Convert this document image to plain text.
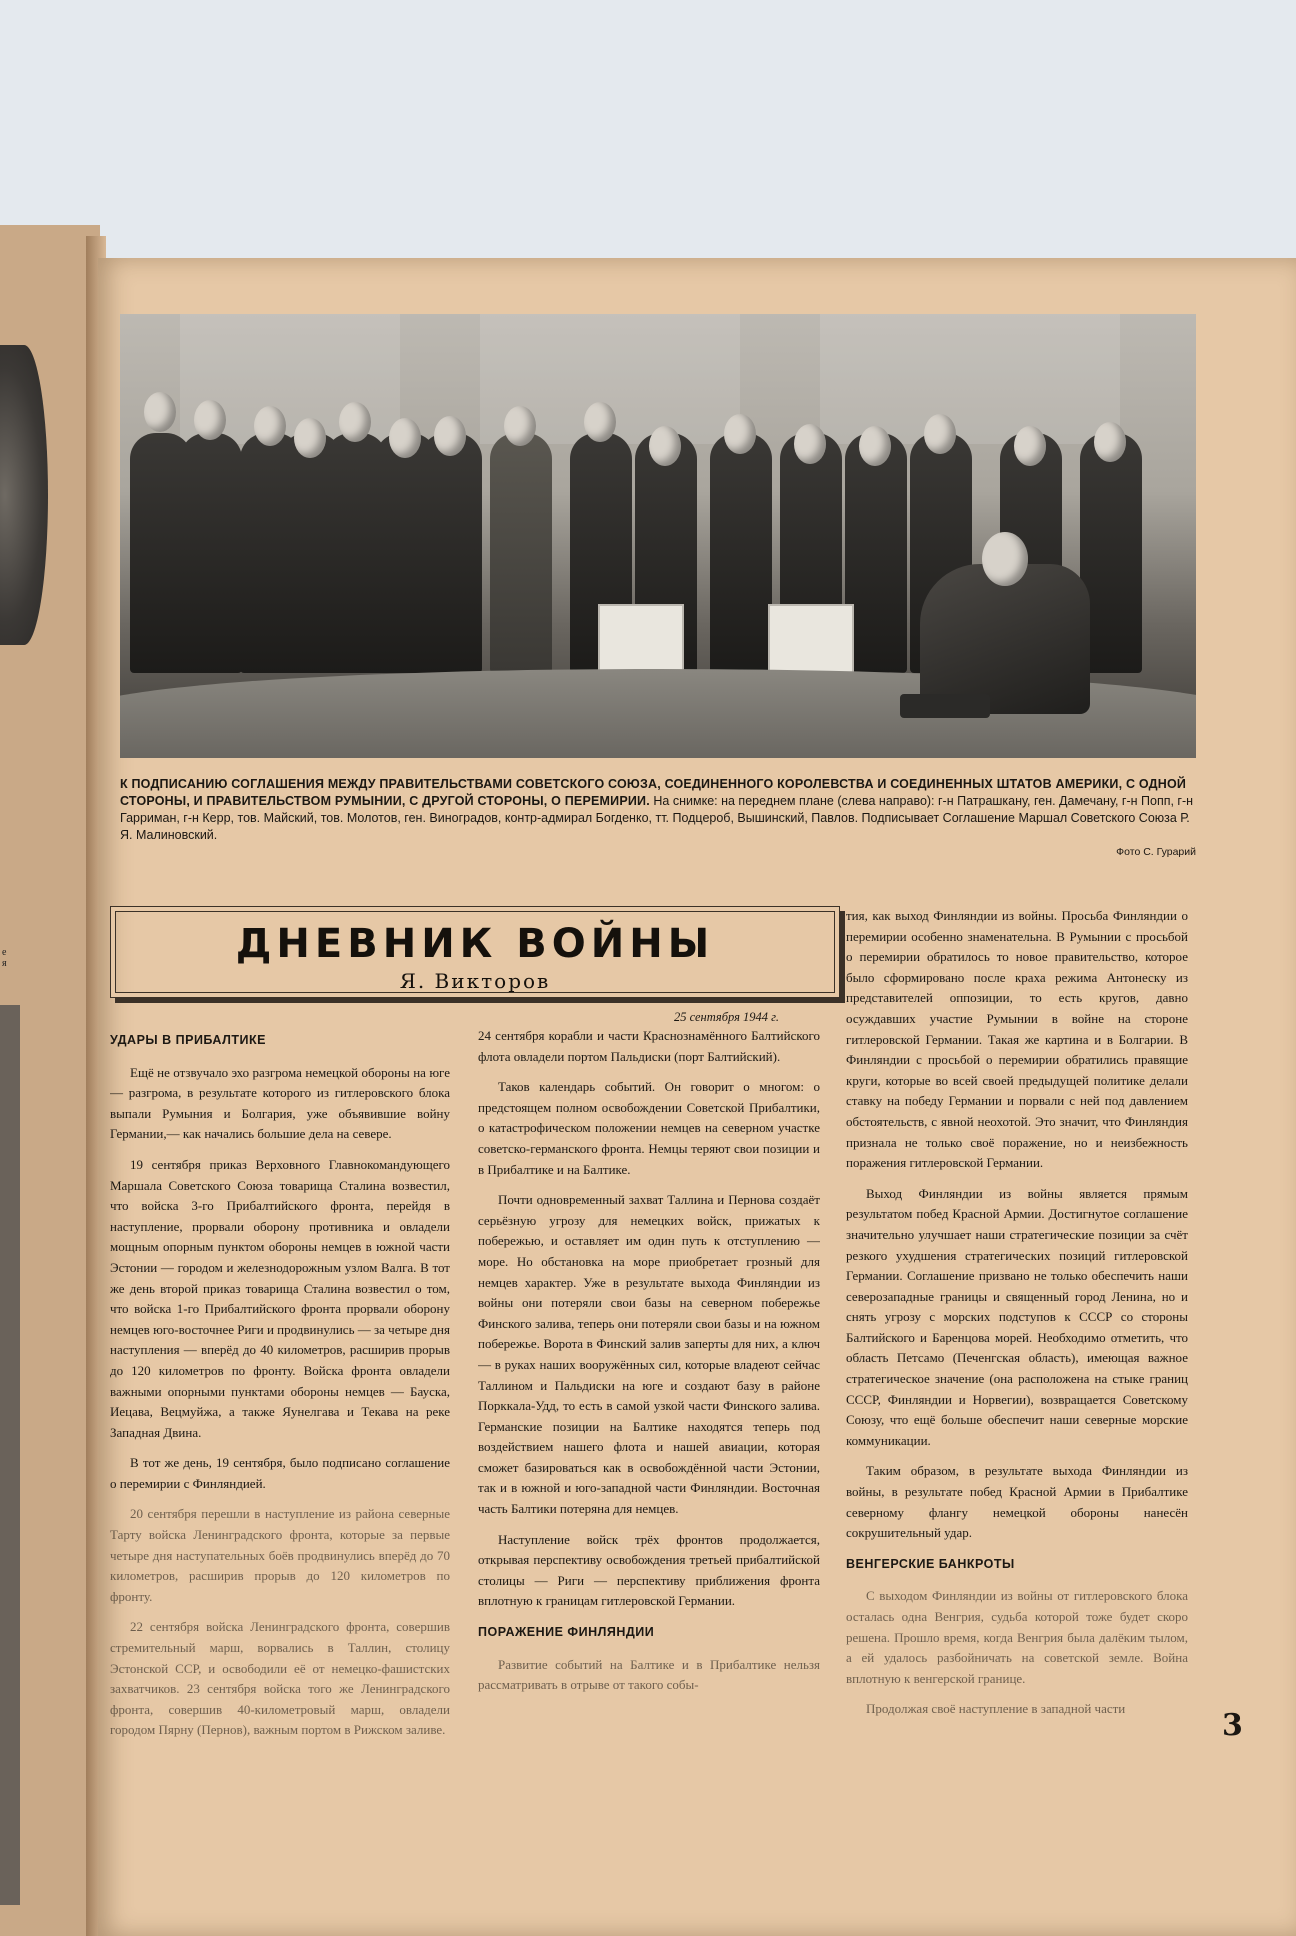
е
я
К ПОДПИСАНИЮ СОГЛАШЕНИЯ МЕЖДУ ПРАВИТЕЛЬСТВАМИ СОВЕТСКОГО СОЮЗА, СОЕДИНЕННОГО КОРОЛЕВСТВА И СОЕДИНЕННЫХ ШТАТОВ АМЕРИКИ, С ОДНОЙ СТОРОНЫ, И ПРАВИТЕЛЬСТВОМ РУМЫНИИ, С ДРУГОЙ СТОРОНЫ, О ПЕРЕМИРИИ. На снимке: на переднем плане (слева направо): г-н Патрашкану, ген. Дамечану, г-н Попп, г-н Гарриман, г-н Керр, тов. Майский, тов. Молотов, ген. Виноградов, контр-адмирал Богденко, тт. Подцероб, Вышинский, Павлов. Подписывает Соглашение Маршал Советского Союза Р. Я. Малиновский.
Фото С. Гурарий
ДНЕВНИК ВОЙНЫ
Я. Викторов
25 сентября 1944 г.
УДАРЫ В ПРИБАЛТИКЕ

Ещё не отзвучало эхо разгрома немецкой обороны на юге — разгрома, в результате которого из гитлеровского блока выпали Румыния и Болгария, уже объявившие войну Германии,— как начались большие дела на севере.

19 сентября приказ Верховного Главнокомандующего Маршала Советского Союза товарища Сталина возвестил, что войска 3-го Прибалтийского фронта, перейдя в наступление, прорвали оборону противника и овладели мощным опорным пунктом обороны немцев в южной части Эстонии — городом и железнодорожным узлом Валга. В тот же день второй приказ товарища Сталина возвестил о том, что войска 1-го Прибалтийского фронта прорвали оборону немцев юго-восточнее Риги и продвинулись — за четыре дня наступления — вперёд до 40 километров, расширив прорыв до 120 километров по фронту. Войска фронта овладели важными опорными пунктами обороны немцев — Бауска, Иецава, Вецмуйжа, а также Яунелгава и Текава на реке Западная Двина.

В тот же день, 19 сентября, было подписано соглашение о перемирии с Финляндией.

20 сентября перешли в наступление из района северные Тарту войска Ленинградского фронта, которые за первые четыре дня наступательных боёв продвинулись вперёд до 70 километров, расширив прорыв до 120 километров по фронту.

22 сентября войска Ленинградского фронта, совершив стремительный марш, ворвались в Таллин, столицу Эстонской ССР, и освободили её от немецко-фашистских захватчиков. 23 сентября войска того же Ленинградского фронта, совершив 40-километровый марш, овладели городом Пярну (Пернов), важным портом в Рижском заливе.

24 сентября корабли и части Краснознамённого Балтийского флота овладели портом Пальдиски (порт Балтийский).

Таков календарь событий. Он говорит о многом: о предстоящем полном освобождении Советской Прибалтики, о катастрофическом положении немцев на северном участке советско-германского фронта. Немцы теряют свои позиции и в Прибалтике и на Балтике.

Почти одновременный захват Таллина и Пернова создаёт серьёзную угрозу для немецких войск, прижатых к побережью, и оставляет им один путь к отступлению — море. Но обстановка на море приобретает грозный для немцев характер. Уже в результате выхода Финляндии из войны они потеряли свои базы на северном побережье Финского залива, теперь они потеряли свои базы и на южном побережье. Ворота в Финский залив заперты для них, а ключ — в руках наших вооружённых сил, которые владеют сейчас Таллином и Пальдиски на юге и создают базу в районе Порккала-Удд, то есть в самой узкой части Финского залива. Германские позиции на Балтике находятся теперь под воздействием нашего флота и нашей авиации, которая сможет базироваться как в освобождённой части Эстонии, так и в южной и юго-западной части Финляндии. Восточная часть Балтики потеряна для немцев.

Наступление войск трёх фронтов продолжается, открывая перспективу освобождения третьей прибалтийской столицы — Риги — перспективу приближения фронта вплотную к границам гитлеровской Германии.

ПОРАЖЕНИЕ ФИНЛЯНДИИ

Развитие событий на Балтике и в Прибалтике нельзя рассматривать в отрыве от такого собы-

тия, как выход Финляндии из войны. Просьба Финляндии о перемирии особенно знаменательна. В Румынии с просьбой о перемирии обратилось то новое правительство, которое было сформировано после краха режима Антонеску из представителей оппозиции, то есть кругов, давно осуждавших участие Румынии в войне на стороне гитлеровской Германии. Такая же картина и в Болгарии. В Финляндии с просьбой о перемирии обратились правящие круги, которые во всей своей предыдущей политике делали ставку на победу Германии и порвали с ней под давлением обстоятельств, с явной неохотой. Это значит, что Финляндия признала не только своё поражение, но и неизбежность поражения гитлеровской Германии.

Выход Финляндии из войны является прямым результатом побед Красной Армии. Достигнутое соглашение значительно улучшает наши стратегические позиции за счёт резкого ухудшения стратегических позиций гитлеровской Германии. Соглашение призвано не только обеспечить наши северозападные границы и священный город Ленина, но и снять угрозу с морских подступов к СССР со стороны Балтийского и Баренцова морей. Необходимо отметить, что область Петсамо (Печенгская область), имеющая важное стратегическое значение (она расположена на стыке границ СССР, Финляндии и Норвегии), возвращается Советскому Союзу, что ещё больше обеспечит наши северные морские коммуникации.

Таким образом, в результате выхода Финляндии из войны, в результате побед Красной Армии в Прибалтике северному флангу немецкой обороны нанесён сокрушительный удар.

ВЕНГЕРСКИЕ БАНКРОТЫ

С выходом Финляндии из войны от гитлеровского блока осталась одна Венгрия, судьба которой тоже будет скоро решена. Прошло время, когда Венгрия была далёким тылом, а ей удалось разбойничать на советской земле. Война вплотную к венгерской границе.

Продолжая своё наступление в западной части	3
